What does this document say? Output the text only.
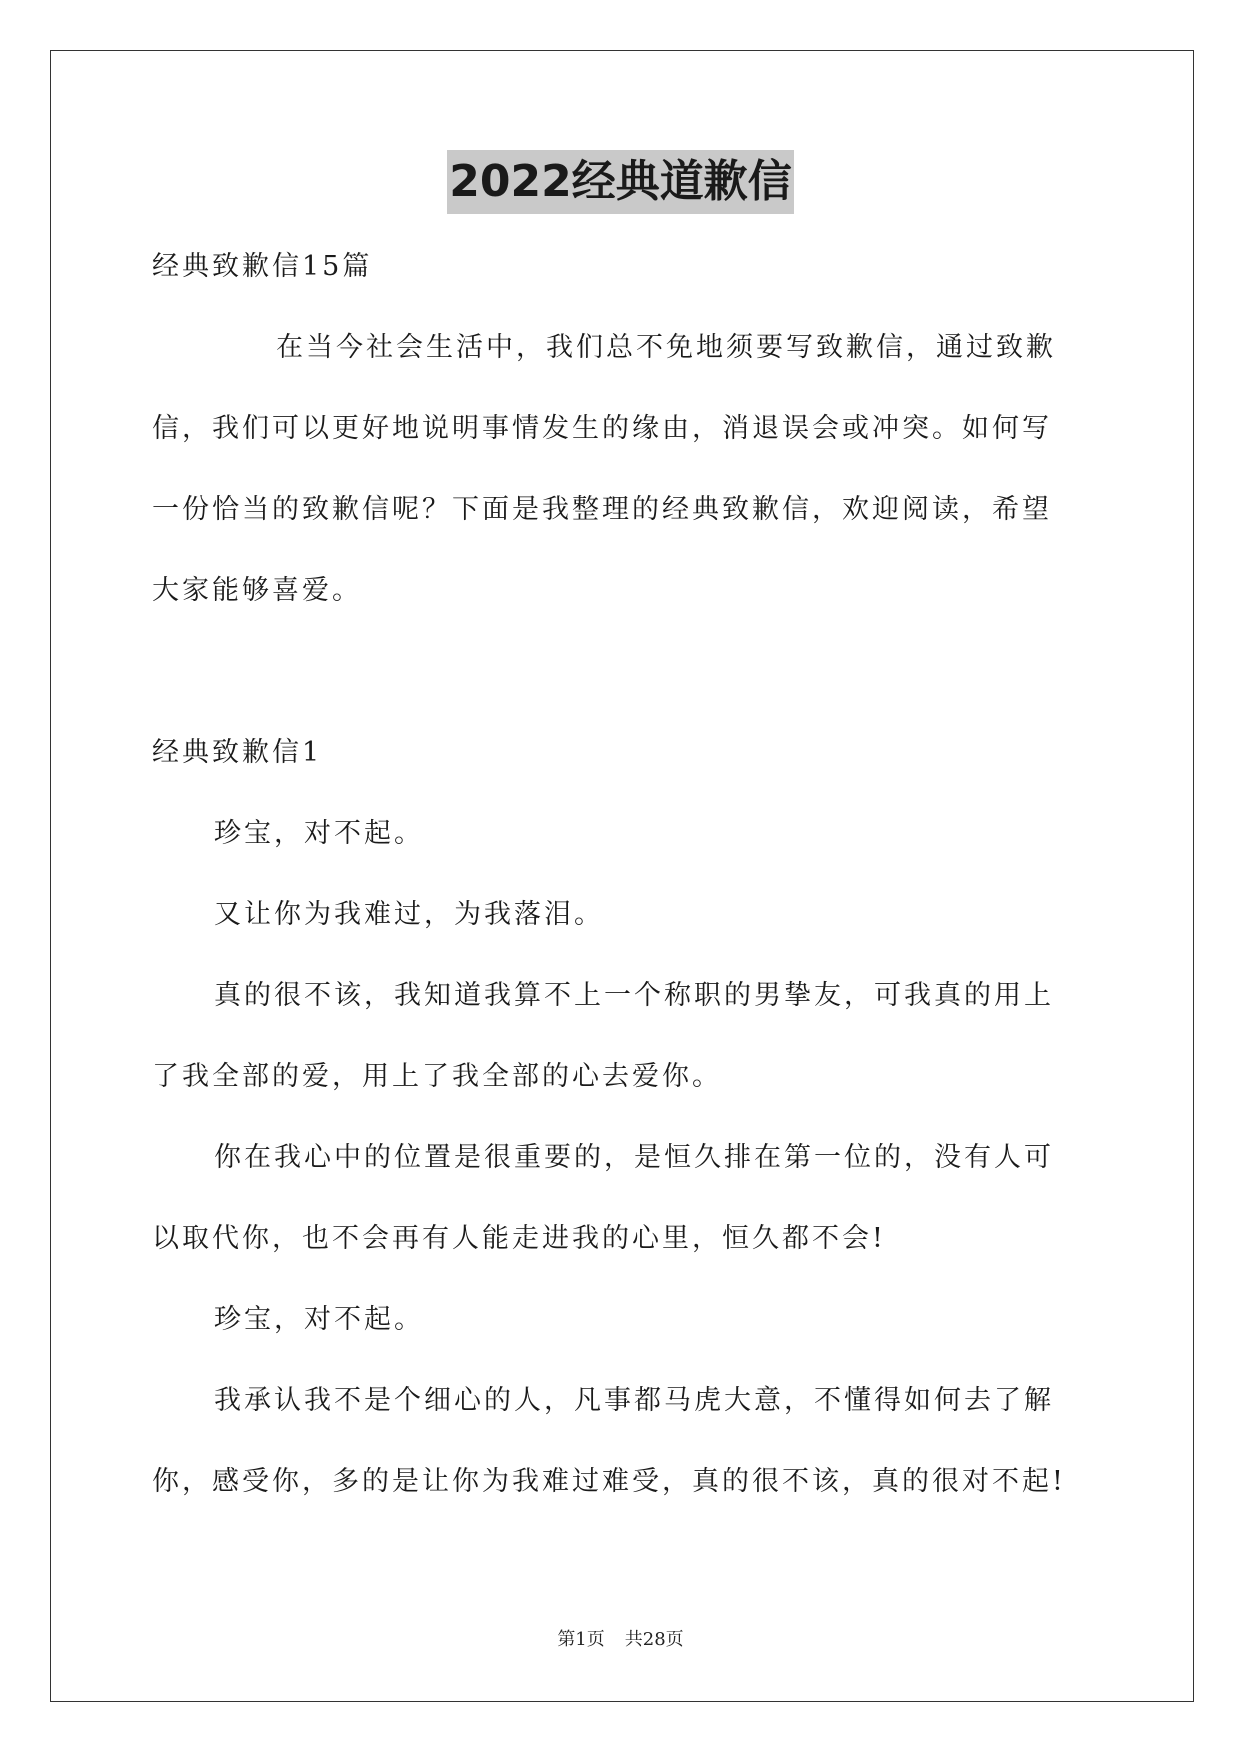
2022经典道歉信
经典致歉信15篇
在当今社会生活中，我们总不免地须要写致歉信，通过致歉
信，我们可以更好地说明事情发生的缘由，消退误会或冲突。如何写
一份恰当的致歉信呢？下面是我整理的经典致歉信，欢迎阅读，希望
大家能够喜爱。
经典致歉信1
珍宝，对不起。
又让你为我难过，为我落泪。
真的很不该，我知道我算不上一个称职的男挚友，可我真的用上
了我全部的爱，用上了我全部的心去爱你。
你在我心中的位置是很重要的，是恒久排在第一位的，没有人可
以取代你，也不会再有人能走进我的心里，恒久都不会!
珍宝，对不起。
我承认我不是个细心的人，凡事都马虎大意，不懂得如何去了解
你，感受你，多的是让你为我难过难受，真的很不该，真的很对不起!
第1页 共28页
